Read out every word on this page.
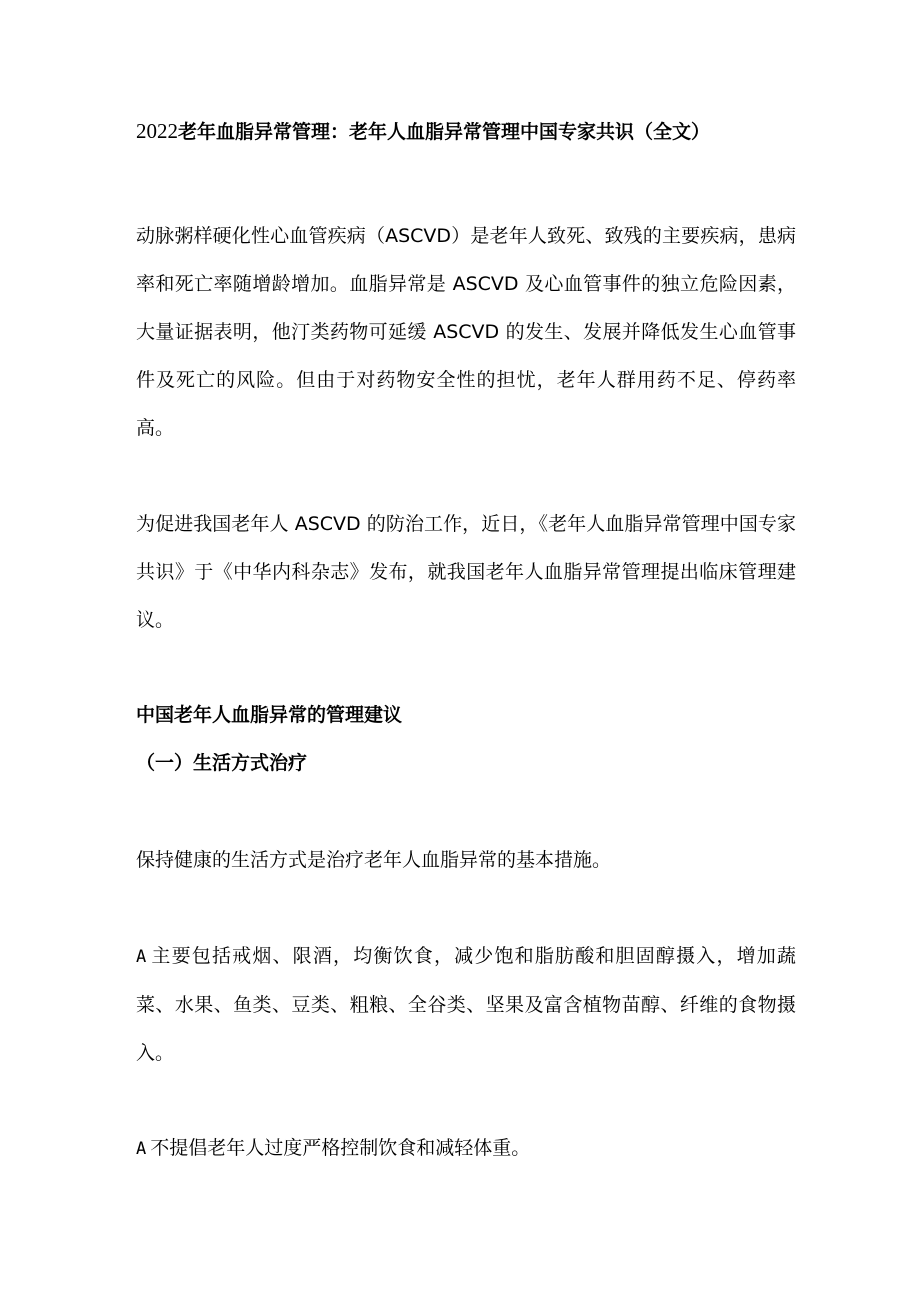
2022老年血脂异常管理：老年人血脂异常管理中国专家共识（全文）

动脉粥样硬化性心血管疾病（ASCVD）是老年人致死、致残的主要疾病，患病率和死亡率随增龄增加。血脂异常是 ASCVD 及心血管事件的独立危险因素，大量证据表明，他汀类药物可延缓 ASCVD 的发生、发展并降低发生心血管事件及死亡的风险。但由于对药物安全性的担忧，老年人群用药不足、停药率高。

为促进我国老年人 ASCVD 的防治工作，近日，《老年人血脂异常管理中国专家共识》于《中华内科杂志》发布，就我国老年人血脂异常管理提出临床管理建议。

中国老年人血脂异常的管理建议
（一）生活方式治疗

保持健康的生活方式是治疗老年人血脂异常的基本措施。

A 主要包括戒烟、限酒，均衡饮食，减少饱和脂肪酸和胆固醇摄入，增加蔬菜、水果、鱼类、豆类、粗粮、全谷类、坚果及富含植物苗醇、纤维的食物摄入。

A 不提倡老年人过度严格控制饮食和减轻体重。
